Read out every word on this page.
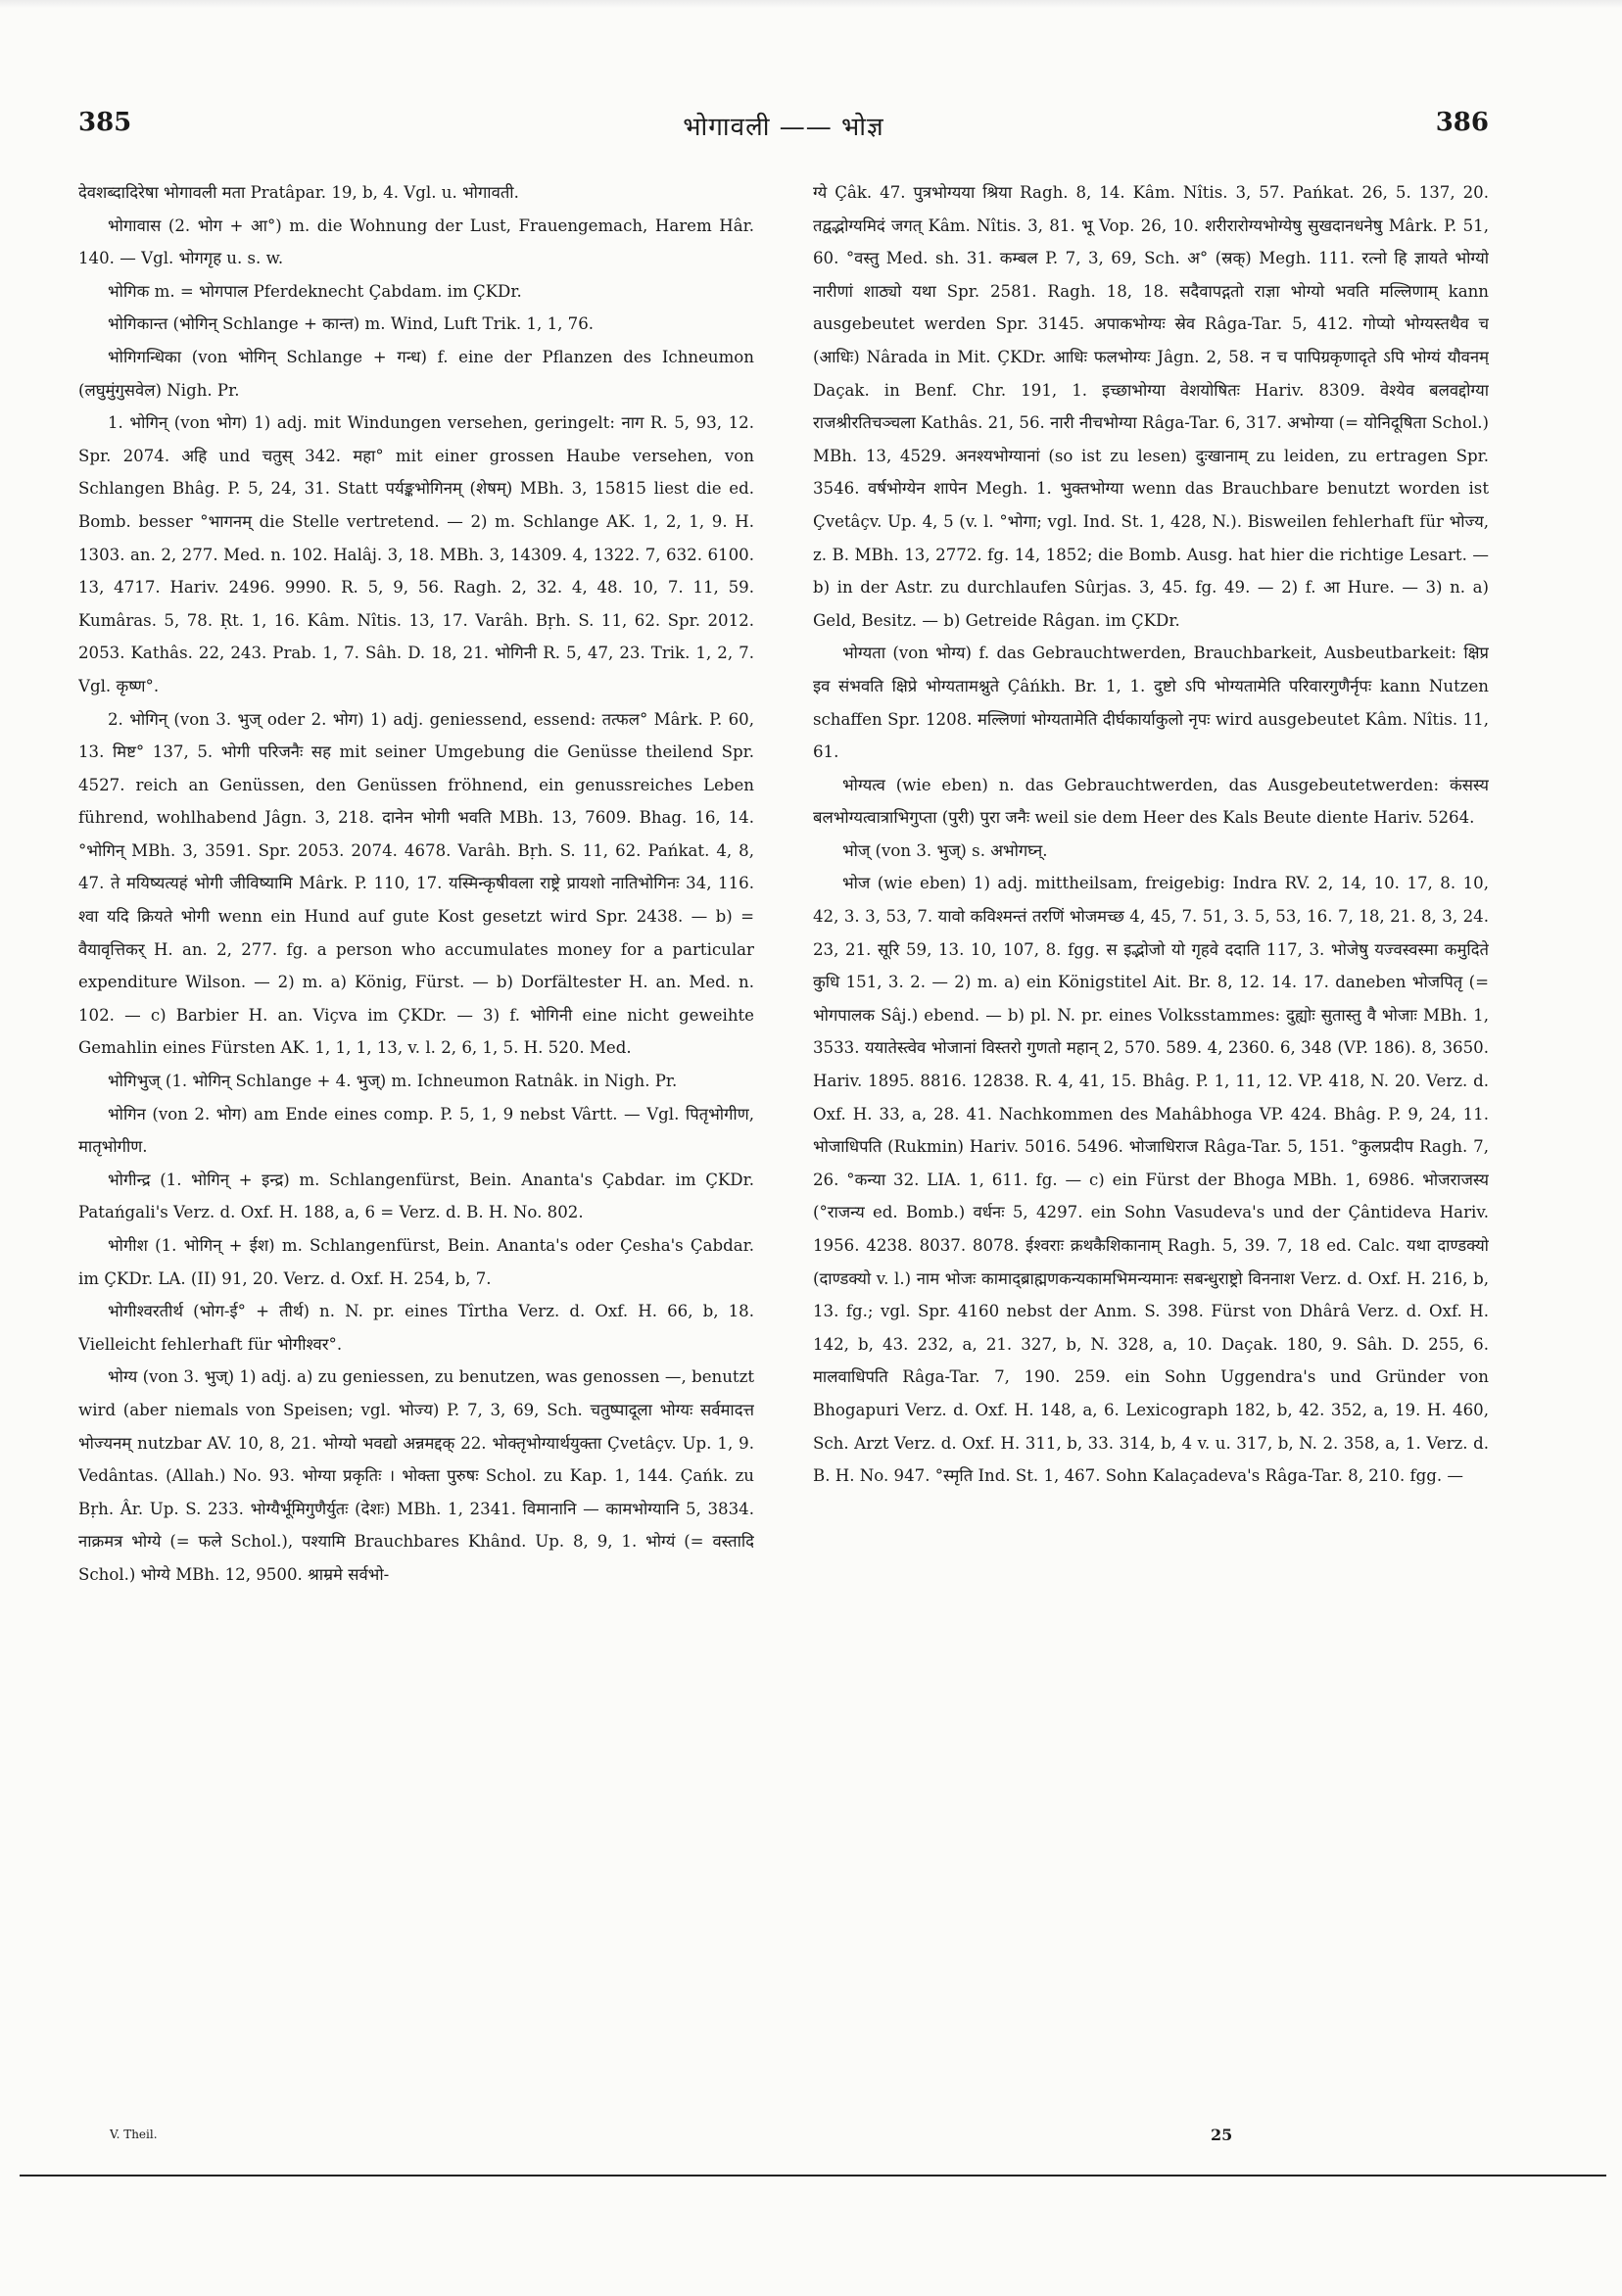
385	भोगावली —— भोज्ञ	386

देवशब्दादिरेषा भोगावली मता Pratâpar. 19, b, 4. Vgl. u. भोगावती.

भोगावास (2. भोग + आ°) m. die Wohnung der Lust, Frauengemach, Harem Hâr. 140. — Vgl. भोगगृह u. s. w.

भोगिक m. = भोगपाल Pferdeknecht Çabdam. im ÇKDr.

भोगिकान्त (भोगिन् Schlange + कान्त) m. Wind, Luft Trik. 1, 1, 76.

भोगिगन्धिका (von भोगिन् Schlange + गन्ध) f. eine der Pflanzen des Ichneumon (लघुमुंगुसवेल) Nigh. Pr.

1. भोगिन् (von भोग) 1) adj. mit Windungen versehen, geringelt: नाग R. 5, 93, 12. Spr. 2074. अहि und चतुस् 342. महा° mit einer grossen Haube versehen, von Schlangen Bhâg. P. 5, 24, 31. Statt पर्यङ्कभोगिनम् (शेषम्) MBh. 3, 15815 liest die ed. Bomb. besser °भागनम् die Stelle vertretend. — 2) m. Schlange AK. 1, 2, 1, 9. H. 1303. an. 2, 277. Med. n. 102. Halâj. 3, 18. MBh. 3, 14309. 4, 1322. 7, 632. 6100. 13, 4717. Hariv. 2496. 9990. R. 5, 9, 56. Ragh. 2, 32. 4, 48. 10, 7. 11, 59. Kumâras. 5, 78. Ṛt. 1, 16. Kâm. Nîtis. 13, 17. Varâh. Bṛh. S. 11, 62. Spr. 2012. 2053. Kathâs. 22, 243. Prab. 1, 7. Sâh. D. 18, 21. भोगिनी R. 5, 47, 23. Trik. 1, 2, 7. Vgl. कृष्ण°.

2. भोगिन् (von 3. भुज् oder 2. भोग) 1) adj. geniessend, essend: तत्फल° Mârk. P. 60, 13. मिष्ट° 137, 5. भोगी परिजनैः सह mit seiner Umgebung die Genüsse theilend Spr. 4527. reich an Genüssen, den Genüssen fröhnend, ein genussreiches Leben führend, wohlhabend Jâgn. 3, 218. दानेन भोगी भवति MBh. 13, 7609. Bhag. 16, 14. °भोगिन् MBh. 3, 3591. Spr. 2053. 2074. 4678. Varâh. Bṛh. S. 11, 62. Pańkat. 4, 8, 47. ते मयिष्यत्यहं भोगी जीविष्यामि Mârk. P. 110, 17. यस्मिन्कृषीवला राष्ट्रे प्रायशो नातिभोगिनः 34, 116. श्वा यदि क्रियते भोगी wenn ein Hund auf gute Kost gesetzt wird Spr. 2438. — b) = वैयावृत्तिकर् H. an. 2, 277. fg. a person who accumulates money for a particular expenditure Wilson. — 2) m. a) König, Fürst. — b) Dorfältester H. an. Med. n. 102. — c) Barbier H. an. Viçva im ÇKDr. — 3) f. भोगिनी eine nicht geweihte Gemahlin eines Fürsten AK. 1, 1, 1, 13, v. l. 2, 6, 1, 5. H. 520. Med.

भोगिभुज् (1. भोगिन् Schlange + 4. भुज्) m. Ichneumon Ratnâk. in Nigh. Pr.

भोगिन (von 2. भोग) am Ende eines comp. P. 5, 1, 9 nebst Vârtt. — Vgl. पितृभोगीण, मातृभोगीण.

भोगीन्द्र (1. भोगिन् + इन्द्र) m. Schlangenfürst, Bein. Ananta's Çabdar. im ÇKDr. Patańgali's Verz. d. Oxf. H. 188, a, 6 = Verz. d. B. H. No. 802.

भोगीश (1. भोगिन् + ईश) m. Schlangenfürst, Bein. Ananta's oder Çesha's Çabdar. im ÇKDr. LA. (II) 91, 20. Verz. d. Oxf. H. 254, b, 7.

भोगीश्वरतीर्थ (भोग-ई° + तीर्थ) n. N. pr. eines Tîrtha Verz. d. Oxf. H. 66, b, 18. Vielleicht fehlerhaft für भोगीश्वर°.

भोग्य (von 3. भुज्) 1) adj. a) zu geniessen, zu benutzen, was genossen —, benutzt wird (aber niemals von Speisen; vgl. भोज्य) P. 7, 3, 69, Sch. चतुष्पादूला भोग्यः सर्वमादत्त भोज्यनम् nutzbar AV. 10, 8, 21. भोग्यो भवद्यो अन्नमद्दक् 22. भोक्तृभोग्यार्थयुक्ता Çvetâçv. Up. 1, 9. Vedântas. (Allah.) No. 93. भोग्या प्रकृतिः । भोक्ता पुरुषः Schol. zu Kap. 1, 144. Çańk. zu Bṛh. Âr. Up. S. 233. भोग्यैर्भूमिगुणैर्युतः (देशः) MBh. 1, 2341. विमानानि — कामभोग्यानि 5, 3834. नाक्रमत्र भोग्ये (= फले Schol.), पश्यामि Brauchbares Khând. Up. 8, 9, 1. भोग्यं (= वस्तादि Schol.) भोग्ये MBh. 12, 9500. श्राम्रमे सर्वभो-

ग्ये Çâk. 47. पुत्रभोग्यया श्रिया Ragh. 8, 14. Kâm. Nîtis. 3, 57. Pańkat. 26, 5. 137, 20. तद्वद्भोग्यमिदं जगत् Kâm. Nîtis. 3, 81. भू Vop. 26, 10. शरीरारोग्यभोग्येषु सुखदानधनेषु Mârk. P. 51, 60. °वस्तु Med. sh. 31. कम्बल P. 7, 3, 69, Sch. अ° (स्रक्) Megh. 111. रत्नो हि ज्ञायते भोग्यो नारीणां शाठ्यो यथा Spr. 2581. Ragh. 18, 18. सदैवापद्गतो राज्ञा भोग्यो भवति मल्लिणाम् kann ausgebeutet werden Spr. 3145. अपाकभोग्यः स्रेव Râga-Tar. 5, 412. गोप्यो भोग्यस्तथैव च (आधिः) Nârada in Mit. ÇKDr. आधिः फलभोग्यः Jâgn. 2, 58. न च पापिग्रकृणादृते ऽपि भोग्यं यौवनम् Daçak. in Benf. Chr. 191, 1. इच्छाभोग्या वेशयोषितः Hariv. 8309. वेश्येव बलवद्दोग्या राजश्रीरतिचञ्चला Kathâs. 21, 56. नारी नीचभोग्या Râga-Tar. 6, 317. अभोग्या (= योनिदूषिता Schol.) MBh. 13, 4529. अनश्यभोग्यानां (so ist zu lesen) दुःखानाम् zu leiden, zu ertragen Spr. 3546. वर्षभोग्येन शापेन Megh. 1. भुक्तभोग्या wenn das Brauchbare benutzt worden ist Çvetâçv. Up. 4, 5 (v. l. °भोगा; vgl. Ind. St. 1, 428, N.). Bisweilen fehlerhaft für भोज्य, z. B. MBh. 13, 2772. fg. 14, 1852; die Bomb. Ausg. hat hier die richtige Lesart. — b) in der Astr. zu durchlaufen Sûrjas. 3, 45. fg. 49. — 2) f. आ Hure. — 3) n. a) Geld, Besitz. — b) Getreide Râgan. im ÇKDr.

भोग्यता (von भोग्य) f. das Gebrauchtwerden, Brauchbarkeit, Ausbeutbarkeit: क्षिप्र इव संभवति क्षिप्रे भोग्यतामश्नुते Çâńkh. Br. 1, 1. दुष्टो ऽपि भोग्यतामेति परिवारगुणैर्नृपः kann Nutzen schaffen Spr. 1208. मल्लिणां भोग्यतामेति दीर्घकार्याकुलो नृपः wird ausgebeutet Kâm. Nîtis. 11, 61.

भोग्यत्व (wie eben) n. das Gebrauchtwerden, das Ausgebeutetwerden: कंसस्य बलभोग्यत्वात्राभिगुप्ता (पुरी) पुरा जनैः weil sie dem Heer des Kals Beute diente Hariv. 5264.

भोज् (von 3. भुज्) s. अभोगघ्न्.

भोज (wie eben) 1) adj. mittheilsam, freigebig: Indra RV. 2, 14, 10. 17, 8. 10, 42, 3. 3, 53, 7. यावो कविश्मन्तं तरणिं भोजमच्छ 4, 45, 7. 51, 3. 5, 53, 16. 7, 18, 21. 8, 3, 24. 23, 21. सूरि 59, 13. 10, 107, 8. fgg. स इद्भोजो यो गृहवे ददाति 117, 3. भोजेषु यज्वस्वस्मा कमुदिते कुधि 151, 3. 2. — 2) m. a) ein Königstitel Ait. Br. 8, 12. 14. 17. daneben भोजपितृ (= भोगपालक Sâj.) ebend. — b) pl. N. pr. eines Volksstammes: दुह्योः सुतास्तु वै भोजाः MBh. 1, 3533. ययातेस्त्वेव भोजानां विस्तरो गुणतो महान् 2, 570. 589. 4, 2360. 6, 348 (VP. 186). 8, 3650. Hariv. 1895. 8816. 12838. R. 4, 41, 15. Bhâg. P. 1, 11, 12. VP. 418, N. 20. Verz. d. Oxf. H. 33, a, 28. 41. Nachkommen des Mahâbhoga VP. 424. Bhâg. P. 9, 24, 11. भोजाधिपति (Rukmin) Hariv. 5016. 5496. भोजाधिराज Râga-Tar. 5, 151. °कुलप्रदीप Ragh. 7, 26. °कन्या 32. LIA. 1, 611. fg. — c) ein Fürst der Bhoga MBh. 1, 6986. भोजराजस्य (°राजन्य ed. Bomb.) वर्धनः 5, 4297. ein Sohn Vasudeva's und der Çântideva Hariv. 1956. 4238. 8037. 8078. ईश्वराः क्रथकैशिकानाम् Ragh. 5, 39. 7, 18 ed. Calc. यथा दाण्डक्यो (दाण्डक्यो v. l.) नाम भोजः कामाद्ब्राह्मणकन्यकामभिमन्यमानः सबन्धुराष्ट्रो विननाश Verz. d. Oxf. H. 216, b, 13. fg.; vgl. Spr. 4160 nebst der Anm. S. 398. Fürst von Dhârâ Verz. d. Oxf. H. 142, b, 43. 232, a, 21. 327, b, N. 328, a, 10. Daçak. 180, 9. Sâh. D. 255, 6. मालवाधिपति Râga-Tar. 7, 190. 259. ein Sohn Uggendra's und Gründer von Bhogapuri Verz. d. Oxf. H. 148, a, 6. Lexicograph 182, b, 42. 352, a, 19. H. 460, Sch. Arzt Verz. d. Oxf. H. 311, b, 33. 314, b, 4 v. u. 317, b, N. 2. 358, a, 1. Verz. d. B. H. No. 947. °स्मृति Ind. St. 1, 467. Sohn Kalaçadeva's Râga-Tar. 8, 210. fgg. —

V. Theil.	25
